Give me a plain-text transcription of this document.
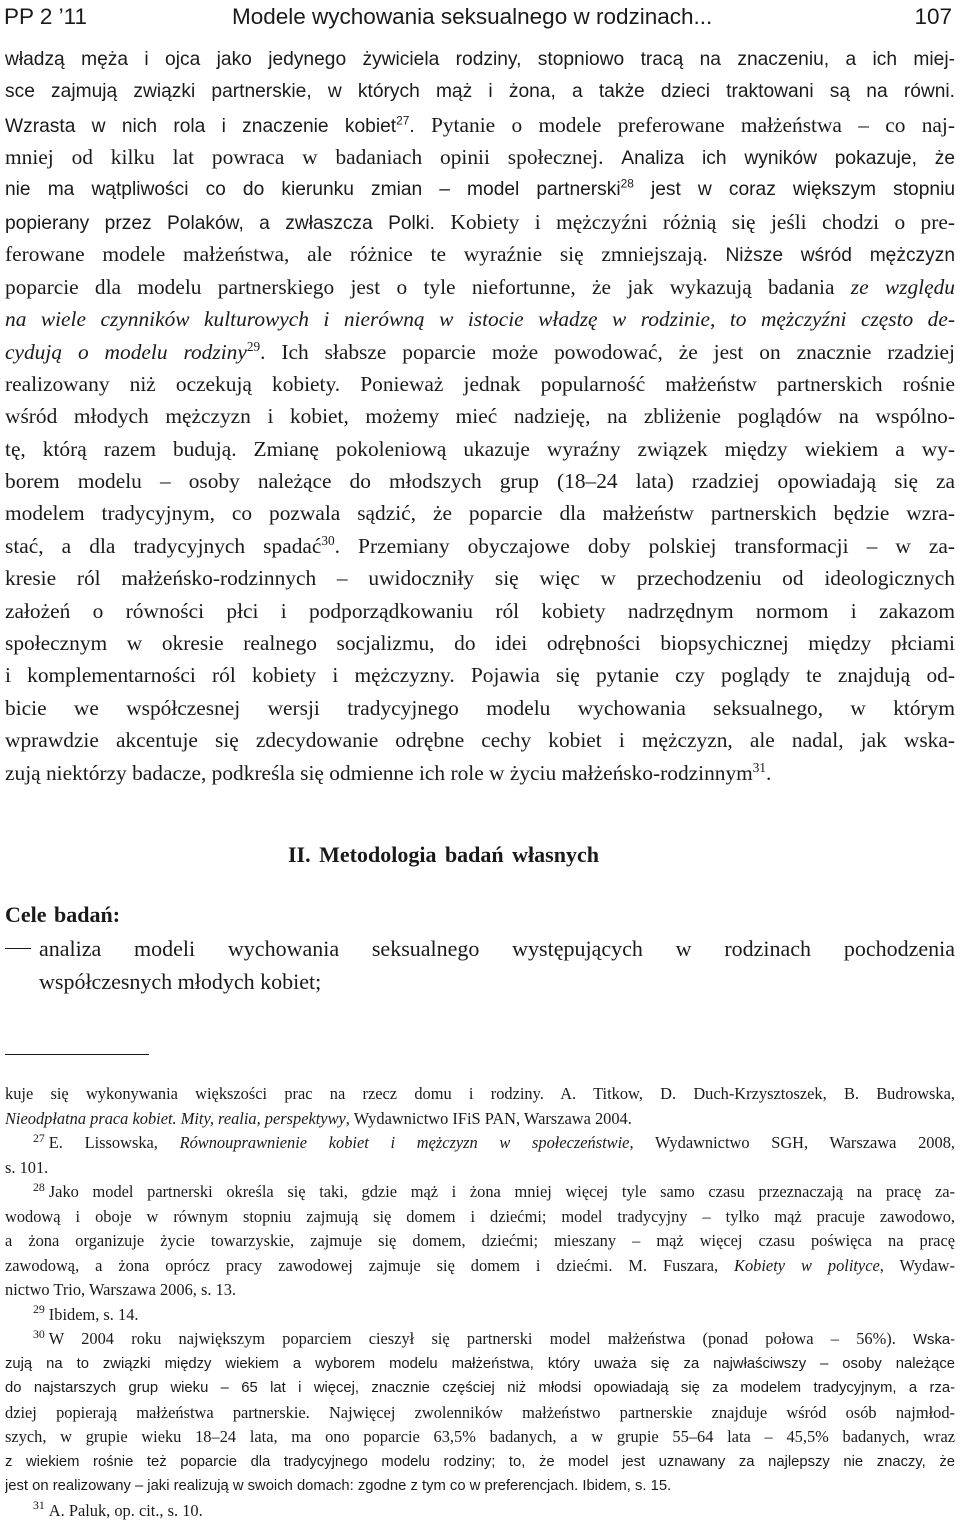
PP 2 ’11	Modele wychowania seksualnego w rodzinach...	107
władzą męża i ojca jako jedynego żywiciela rodziny, stopniowo tracą na znaczeniu, a ich miej-
sce zajmują związki partnerskie, w których mąż i żona, a także dzieci traktowani są na równi.
Wzrasta w nich rola i znaczenie kobiet$^{27}$. Pytanie o modele preferowane małżeństwa – co naj-
mniej od kilku lat powraca w badaniach opinii społecznej. Analiza ich wyników pokazuje, że
nie ma wątpliwości co do kierunku zmian – model partnerski$^{28}$ jest w coraz większym stopniu
popierany przez Polaków, a zwłaszcza Polki. Kobiety i mężczyźni różnią się jeśli chodzi o pre-
ferowane modele małżeństwa, ale różnice te wyraźnie się zmniejszają. Niższe wśród mężczyzn
poparcie dla modelu partnerskiego jest o tyle niefortunne, że jak wykazują badania ze względu
na wiele czynników kulturowych i nierówną w istocie władzę w rodzinie, to mężczyźni często de-
cydują o modelu rodziny$^{29}$. Ich słabsze poparcie może powodować, że jest on znacznie rzadziej
realizowany niż oczekują kobiety. Ponieważ jednak popularność małżeństw partnerskich rośnie
wśród młodych mężczyzn i kobiet, możemy mieć nadzieję, na zbliżenie poglądów na wspólno-
tę, którą razem budują. Zmianę pokoleniową ukazuje wyraźny związek między wiekiem a wy-
borem modelu – osoby należące do młodszych grup (18–24 lata) rzadziej opowiadają się za
modelem tradycyjnym, co pozwala sądzić, że poparcie dla małżeństw partnerskich będzie wzra-
stać, a dla tradycyjnych spadać$^{30}$. Przemiany obyczajowe doby polskiej transformacji – w za-
kresie ról małżeńsko-rodzinnych – uwidoczniły się więc w przechodzeniu od ideologicznych
założeń o równości płci i podporządkowaniu ról kobiety nadrzędnym normom i zakazom
społecznym w okresie realnego socjalizmu, do idei odrębności biopsychicznej między płciami
i komplementarności ról kobiety i mężczyzny. Pojawia się pytanie czy poglądy te znajdują od-
bicie we współczesnej wersji tradycyjnego modelu wychowania seksualnego, w którym
wprawdzie akcentuje się zdecydowanie odrębne cechy kobiet i mężczyzn, ale nadal, jak wska-
zują niektórzy badacze, podkreśla się odmienne ich role w życiu małżeńsko-rodzinnym$^{31}$.
II. Metodologia badań własnych
Cele badań:
analiza modeli wychowania seksualnego występujących w rodzinach pochodzenia
współczesnych młodych kobiet;
kuje się wykonywania większości prac na rzecz domu i rodziny. A. Titkow, D. Duch-Krzysztoszek, B. Budrowska,
Nieodpłatna praca kobiet. Mity, realia, perspektywy, Wydawnictwo IFiS PAN, Warszawa 2004.
$^{27}$ E. Lissowska, Równouprawnienie kobiet i mężczyzn w społeczeństwie, Wydawnictwo SGH, Warszawa 2008,
s. 101.
$^{28}$ Jako model partnerski określa się taki, gdzie mąż i żona mniej więcej tyle samo czasu przeznaczają na pracę za-
wodową i oboje w równym stopniu zajmują się domem i dziećmi; model tradycyjny – tylko mąż pracuje zawodowo,
a żona organizuje życie towarzyskie, zajmuje się domem, dziećmi; mieszany – mąż więcej czasu poświęca na pracę
zawodową, a żona oprócz pracy zawodowej zajmuje się domem i dziećmi. M. Fuszara, Kobiety w polityce, Wydaw-
nictwo Trio, Warszawa 2006, s. 13.
$^{29}$ Ibidem, s. 14.
$^{30}$ W 2004 roku największym poparciem cieszył się partnerski model małżeństwa (ponad połowa – 56%). Wska-
zują na to związki między wiekiem a wyborem modelu małżeństwa, który uważa się za najwłaściwszy – osoby należące
do najstarszych grup wieku – 65 lat i więcej, znacznie częściej niż młodsi opowiadają się za modelem tradycyjnym, a rza-
dziej popierają małżeństwa partnerskie. Najwięcej zwolenników małżeństwo partnerskie znajduje wśród osób najmłod-
szych, w grupie wieku 18–24 lata, ma ono poparcie 63,5% badanych, a w grupie 55–64 lata – 45,5% badanych, wraz
z wiekiem rośnie też poparcie dla tradycyjnego modelu rodziny; to, że model jest uznawany za najlepszy nie znaczy, że
jest on realizowany – jaki realizują w swoich domach: zgodne z tym co w preferencjach. Ibidem, s. 15.
$^{31}$ A. Paluk, op. cit., s. 10.
